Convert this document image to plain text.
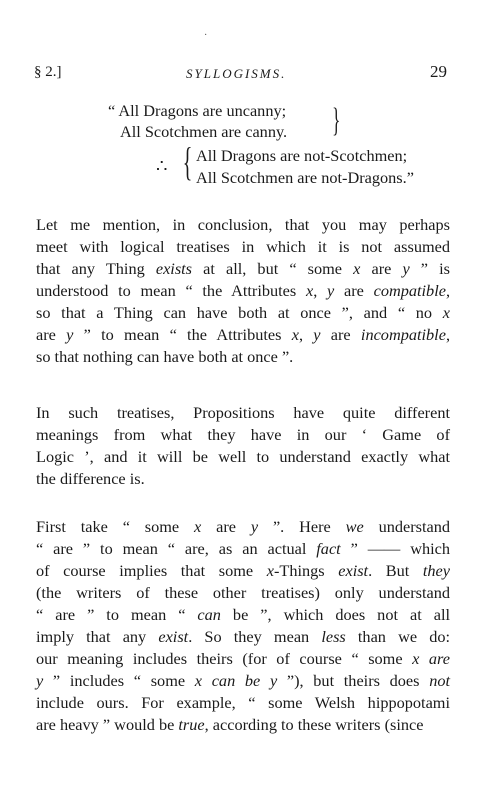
·
§ 2.]	SYLLOGISMS.	29
“ All Dragons are uncanny;
All Scotchmen are canny. }
∴ { All Dragons are not-Scotchmen;
All Scotchmen are not-Dragons.”
Let me mention, in conclusion, that you may perhaps
meet with logical treatises in which it is not assumed
that any Thing exists at all, but “ some x are y ” is
understood to mean “ the Attributes x, y are compatible,
so that a Thing can have both at once ”, and “ no x
are y ” to mean “ the Attributes x, y are incompatible,
so that nothing can have both at once ”.
In such treatises, Propositions have quite different
meanings from what they have in our ‘ Game of
Logic ’, and it will be well to understand exactly what
the difference is.
First take “ some x are y ”. Here we understand
“ are ” to mean “ are, as an actual fact ” —— which
of course implies that some x-Things exist. But they
(the writers of these other treatises) only understand
“ are ” to mean “ can be ”, which does not at all
imply that any exist. So they mean less than we do:
our meaning includes theirs (for of course “ some x are
y ” includes “ some x can be y ”), but theirs does not
include ours. For example, “ some Welsh hippopotami
are heavy ” would be true, according to these writers (since
